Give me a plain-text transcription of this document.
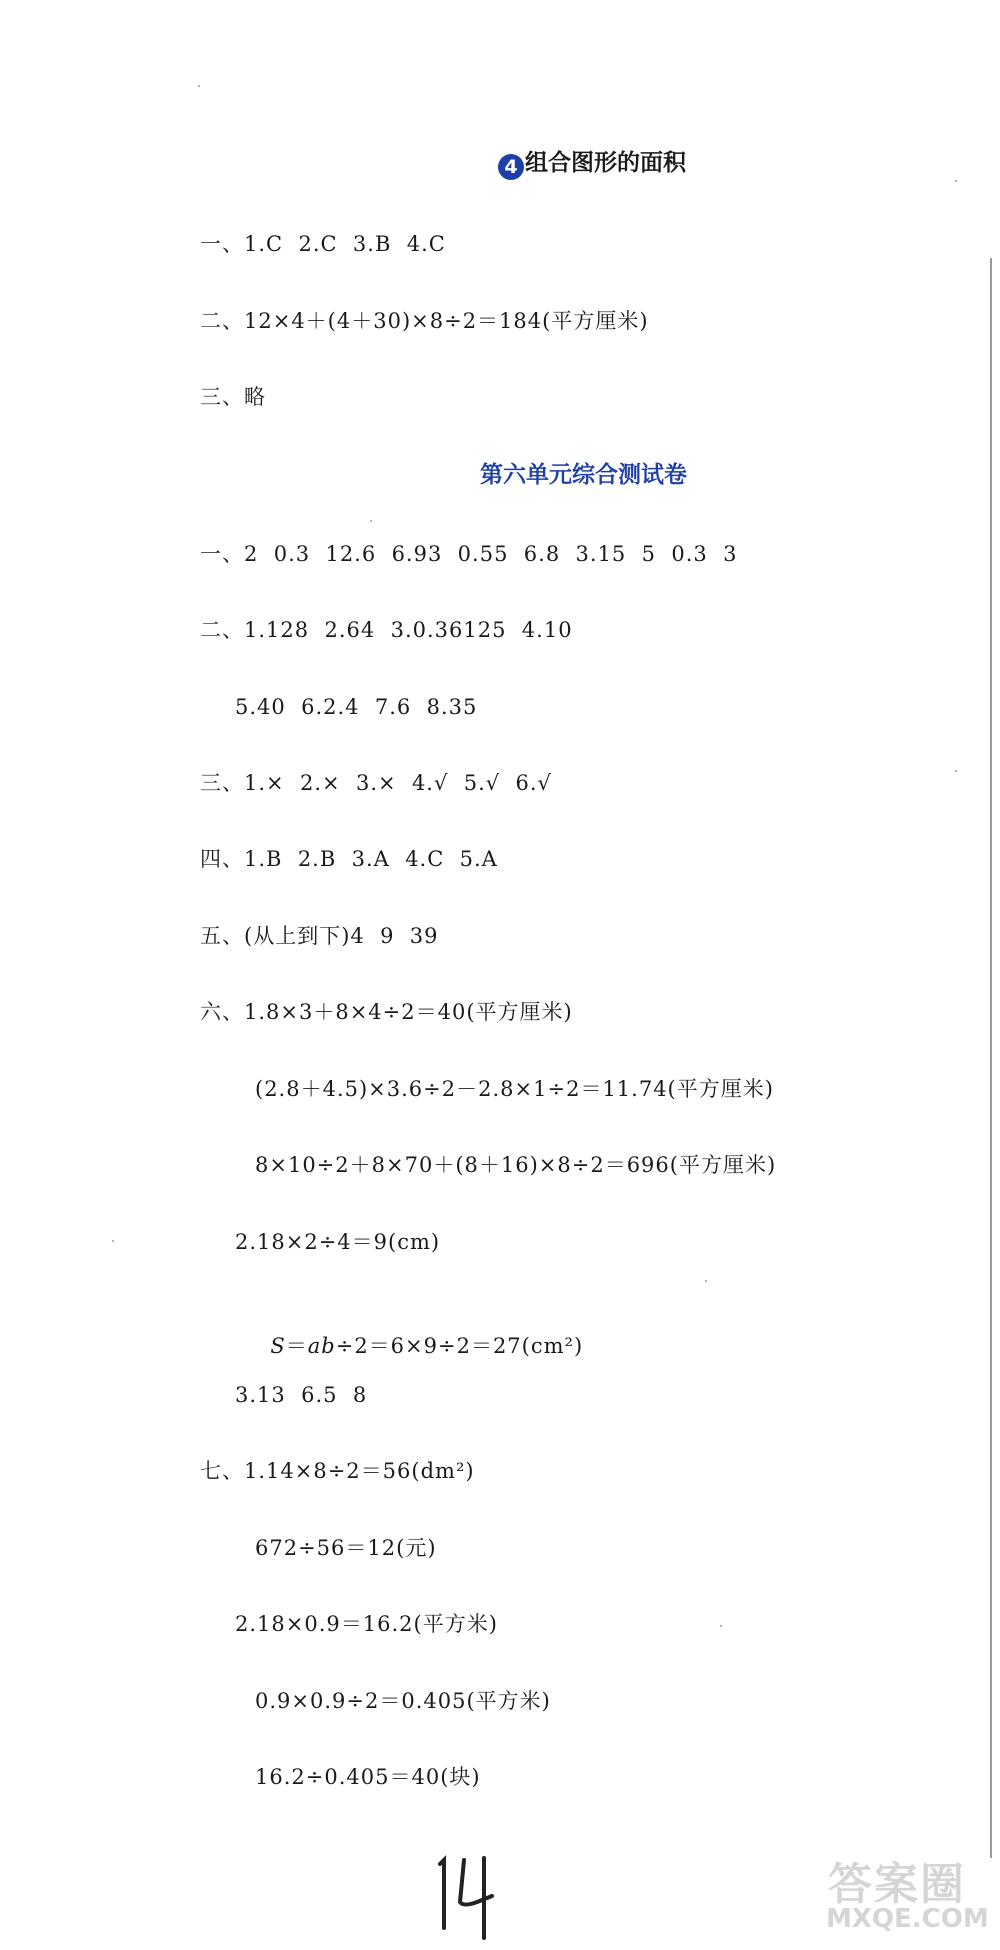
4 组合图形的面积
一、1.C  2.C  3.B  4.C
二、12×4＋(4＋30)×8÷2＝184(平方厘米)
三、略
第六单元综合测试卷
一、2  0.3  12.6  6.93  0.55  6.8  3.15  5  0.3  3
二、1.128  2.64  3.0.36125  4.10
5.40  6.2.4  7.6  8.35
三、1.×  2.×  3.×  4.√  5.√  6.√
四、1.B  2.B  3.A  4.C  5.A
五、(从上到下)4  9  39
六、1.8×3＋8×4÷2＝40(平方厘米)
(2.8＋4.5)×3.6÷2－2.8×1÷2＝11.74(平方厘米)
8×10÷2＋8×70＋(8＋16)×8÷2＝696(平方厘米)
2.18×2÷4＝9(cm)

S＝ab÷2＝6×9÷2＝27(cm²)

3.13  6.5  8
七、1.14×8÷2＝56(dm²)
672÷56＝12(元)
2.18×0.9＝16.2(平方米)
0.9×0.9÷2＝0.405(平方米)
16.2÷0.405＝40(块)
14
答案圈
MXQE.COM
